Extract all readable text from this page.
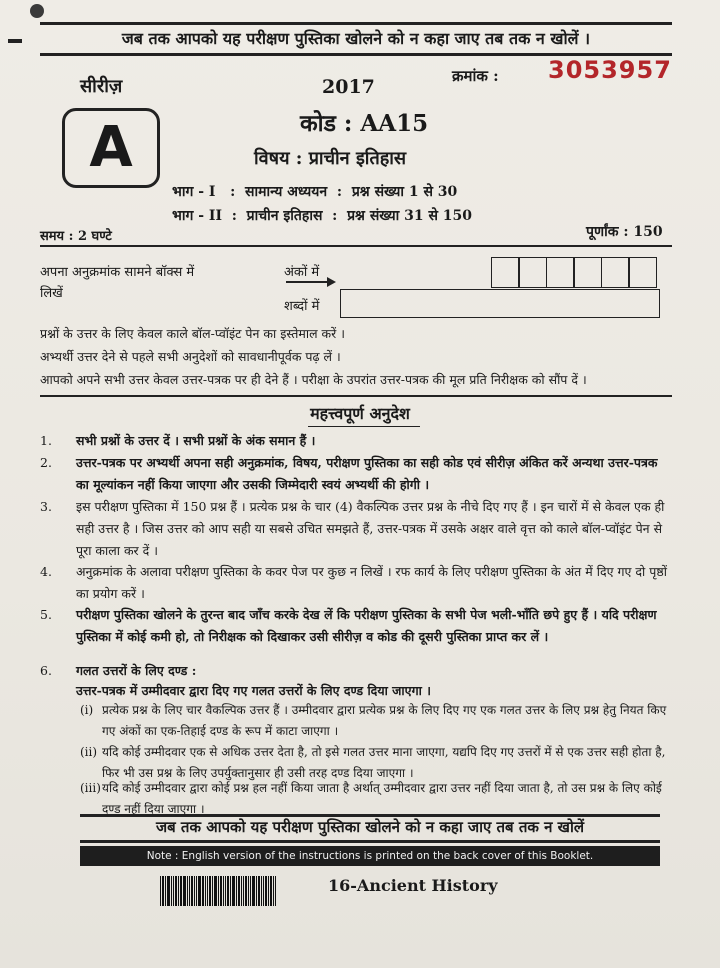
जब तक आपको यह परीक्षण पुस्तिका खोलने को न कहा जाए तब तक न खोलें ।
सीरीज़	2017	क्रमांक : 3053957
A	कोड : AA15
विषय : प्राचीन इतिहास
भाग - I   :  सामान्य अध्ययन  :  प्रश्न संख्या 1 से 30
भाग - II  :  प्राचीन इतिहास  :  प्रश्न संख्या 31 से 150
समय : 2 घण्टे	पूर्णांक : 150
अपना अनुक्रमांक सामने बॉक्स में
लिखें
अंकों में
शब्दों में
प्रश्नों के उत्तर के लिए केवल काले बॉल-प्वॉइंट पेन का इस्तेमाल करें ।
अभ्यर्थी उत्तर देने से पहले सभी अनुदेशों को सावधानीपूर्वक पढ़ लें ।
आपको अपने सभी उत्तर केवल उत्तर-पत्रक पर ही देने हैं । परीक्षा के उपरांत उत्तर-पत्रक की मूल प्रति निरीक्षक को सौंप दें ।
महत्त्वपूर्ण अनुदेश
1.	सभी प्रश्नों के उत्तर दें । सभी प्रश्नों के अंक समान हैं ।
2.	उत्तर-पत्रक पर अभ्यर्थी अपना सही अनुक्रमांक, विषय, परीक्षण पुस्तिका का सही कोड एवं सीरीज़ अंकित करें अन्यथा उत्तर-पत्रक का मूल्यांकन नहीं किया जाएगा और उसकी जिम्मेदारी स्वयं अभ्यर्थी की होगी ।
3.	इस परीक्षण पुस्तिका में 150 प्रश्न हैं । प्रत्येक प्रश्न के चार (4) वैकल्पिक उत्तर प्रश्न के नीचे दिए गए हैं । इन चारों में से केवल एक ही सही उत्तर है । जिस उत्तर को आप सही या सबसे उचित समझते हैं, उत्तर-पत्रक में उसके अक्षर वाले वृत्त को काले बॉल-प्वॉइंट पेन से पूरा काला कर दें ।
4.	अनुक्रमांक के अलावा परीक्षण पुस्तिका के कवर पेज पर कुछ न लिखें । रफ कार्य के लिए परीक्षण पुस्तिका के अंत में दिए गए दो पृष्ठों का प्रयोग करें ।
5.	परीक्षण पुस्तिका खोलने के तुरन्त बाद जाँच करके देख लें कि परीक्षण पुस्तिका के सभी पेज भली-भाँति छपे हुए हैं । यदि परीक्षण पुस्तिका में कोई कमी हो, तो निरीक्षक को दिखाकर उसी सीरीज़ व कोड की दूसरी पुस्तिका प्राप्त कर लें ।
6.	गलत उत्तरों के लिए दण्ड :
उत्तर-पत्रक में उम्मीदवार द्वारा दिए गए गलत उत्तरों के लिए दण्ड दिया जाएगा ।
(i) प्रत्येक प्रश्न के लिए चार वैकल्पिक उत्तर हैं । उम्मीदवार द्वारा प्रत्येक प्रश्न के लिए दिए गए एक गलत उत्तर के लिए प्रश्न हेतु नियत किए गए अंकों का एक-तिहाई दण्ड के रूप में काटा जाएगा ।
(ii) यदि कोई उम्मीदवार एक से अधिक उत्तर देता है, तो इसे गलत उत्तर माना जाएगा, यद्यपि दिए गए उत्तरों में से एक उत्तर सही होता है, फिर भी उस प्रश्न के लिए उपर्युक्तानुसार ही उसी तरह दण्ड दिया जाएगा ।
(iii) यदि कोई उम्मीदवार द्वारा कोई प्रश्न हल नहीं किया जाता है अर्थात् उम्मीदवार द्वारा उत्तर नहीं दिया जाता है, तो उस प्रश्न के लिए कोई दण्ड नहीं दिया जाएगा ।
जब तक आपको यह परीक्षण पुस्तिका खोलने को न कहा जाए तब तक न खोलें
Note : English version of the instructions is printed on the back cover of this Booklet.
16-Ancient History
